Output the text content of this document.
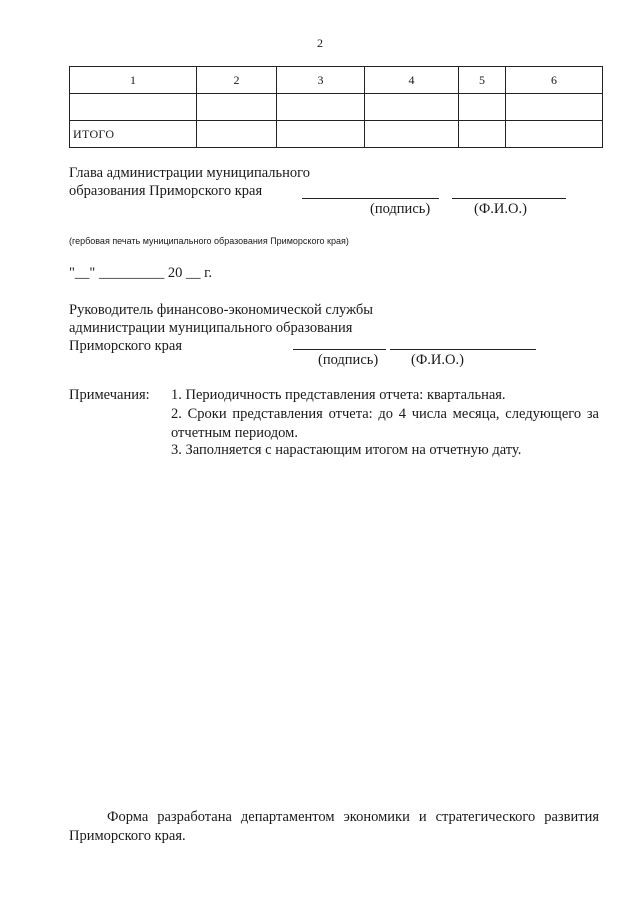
2
1	2	3	4	5	6

ИТОГО					
Глава администрации муниципального
образования Приморского края
(подпись)	(Ф.И.О.)
(гербовая печать муниципального образования Приморского края)
"__" _________ 20 __ г.
Руководитель финансово-экономической службы
администрации муниципального образования
Приморского края
(подпись) (Ф.И.О.)
Примечания: 1. Периодичность представления отчета: квартальная.
2. Сроки представления отчета: до 4 числа месяца, следующего за отчетным периодом.
3. Заполняется с нарастающим итогом на отчетную дату.
Форма разработана департаментом экономики и стратегического развития Приморского края.
